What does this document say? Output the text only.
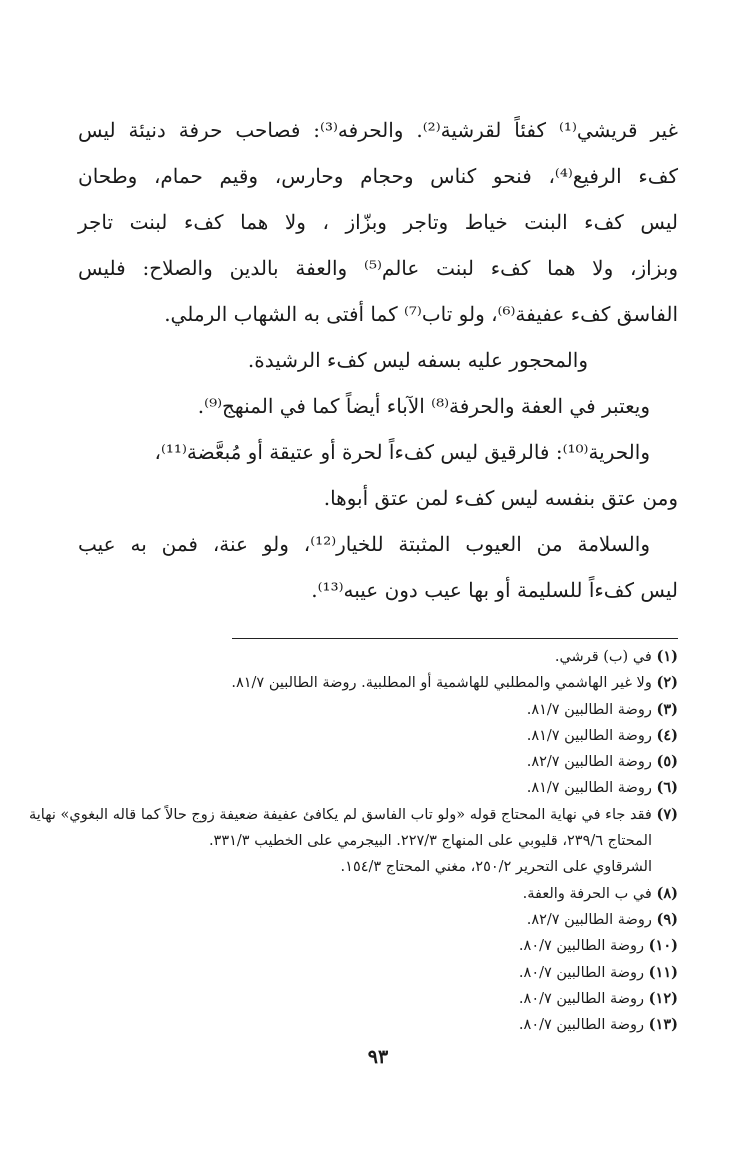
غير قريشي⁽¹⁾ كفئاً لقرشية⁽²⁾. والحرفه⁽³⁾: فصاحب حرفة دنيئة ليس
كفء الرفيع⁽⁴⁾، فنحو كناس وحجام وحارس، وقيم حمام، وطحان
ليس كفء البنت خياط وتاجر وبزّاز ، ولا هما كفء لبنت تاجر
وبزاز، ولا هما كفء لبنت عالم⁽⁵⁾ والعفة بالدين والصلاح: فليس
الفاسق كفء عفيفة⁽⁶⁾، ولو تاب⁽⁷⁾ كما أفتى به الشهاب الرملي.
والمحجور عليه بسفه ليس كفء الرشيدة.
ويعتبر في العفة والحرفة⁽⁸⁾ الآباء أيضاً كما في المنهج⁽⁹⁾.
والحرية⁽¹⁰⁾: فالرقيق ليس كفءاً لحرة أو عتيقة أو مُبعَّضة⁽¹¹⁾،
ومن عتق بنفسه ليس كفء لمن عتق أبوها.
والسلامة من العيوب المثبتة للخيار⁽¹²⁾، ولو عنة، فمن به عيب
ليس كفءاً للسليمة أو بها عيب دون عيبه⁽¹³⁾.
(١) في (ب) قرشي.
(٢) ولا غير الهاشمي والمطلبي للهاشمية أو المطلبية. روضة الطالبين ٨١/٧.
(٣) روضة الطالبين ٨١/٧.
(٤) روضة الطالبين ٨١/٧.
(٥) روضة الطالبين ٨٢/٧.
(٦) روضة الطالبين ٨١/٧.
(٧) فقد جاء في نهاية المحتاج قوله «ولو تاب الفاسق لم يكافئ عفيفة ضعيفة زوج حالاً كما قاله البغوي» نهاية
المحتاج ٢٣٩/٦، قليوبي على المنهاج ٢٢٧/٣. البيجرمي على الخطيب ٣٣١/٣.
الشرقاوي على التحرير ٢٥٠/٢، مغني المحتاج ١٥٤/٣.
(٨) في ب الحرفة والعفة.
(٩) روضة الطالبين ٨٢/٧.
(١٠) روضة الطالبين ٨٠/٧.
(١١) روضة الطالبين ٨٠/٧.
(١٢) روضة الطالبين ٨٠/٧.
(١٣) روضة الطالبين ٨٠/٧.
٩٣
